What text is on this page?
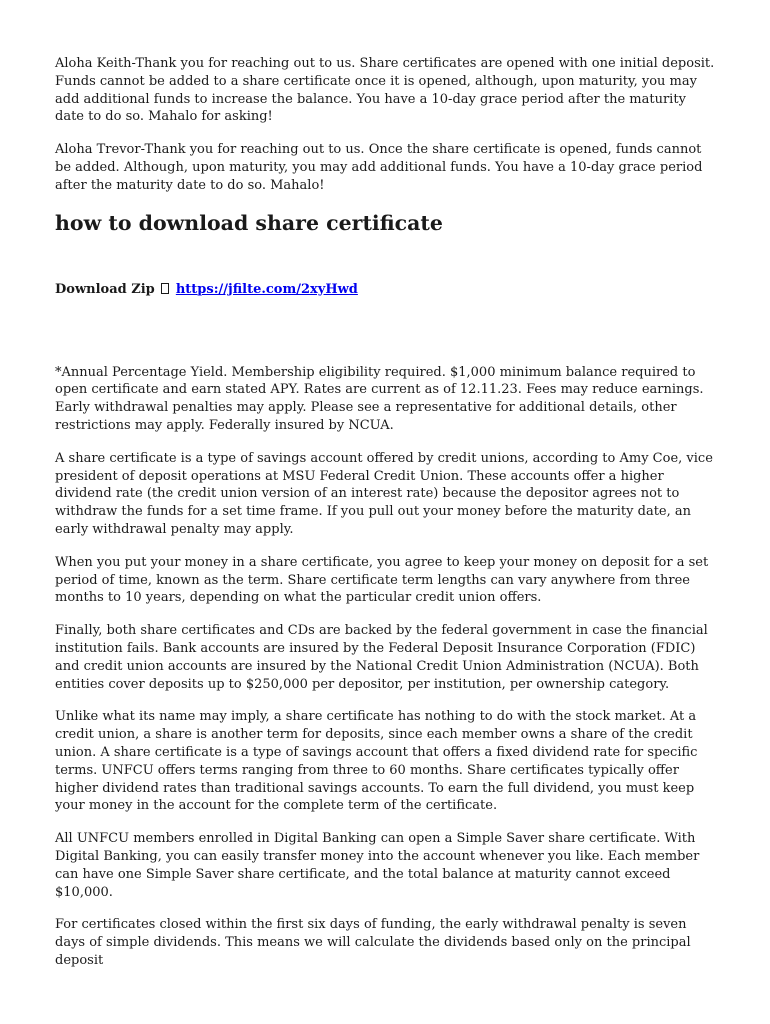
Aloha Keith-Thank you for reaching out to us. Share certificates are opened with one initial deposit. Funds cannot be added to a share certificate once it is opened, although, upon maturity, you may add additional funds to increase the balance. You have a 10-day grace period after the maturity date to do so. Mahalo for asking!

Aloha Trevor-Thank you for reaching out to us. Once the share certificate is opened, funds cannot be added. Although, upon maturity, you may add additional funds. You have a 10-day grace period after the maturity date to do so. Mahalo!

how to download share certificate
Download Zip https://jfilte.com/2xyHwd

*Annual Percentage Yield. Membership eligibility required. $1,000 minimum balance required to open certificate and earn stated APY. Rates are current as of 12.11.23. Fees may reduce earnings. Early withdrawal penalties may apply. Please see a representative for additional details, other restrictions may apply. Federally insured by NCUA.

A share certificate is a type of savings account offered by credit unions, according to Amy Coe, vice president of deposit operations at MSU Federal Credit Union. These accounts offer a higher dividend rate (the credit union version of an interest rate) because the depositor agrees not to withdraw the funds for a set time frame. If you pull out your money before the maturity date, an early withdrawal penalty may apply.

When you put your money in a share certificate, you agree to keep your money on deposit for a set period of time, known as the term. Share certificate term lengths can vary anywhere from three months to 10 years, depending on what the particular credit union offers.

Finally, both share certificates and CDs are backed by the federal government in case the financial institution fails. Bank accounts are insured by the Federal Deposit Insurance Corporation (FDIC) and credit union accounts are insured by the National Credit Union Administration (NCUA). Both entities cover deposits up to $250,000 per depositor, per institution, per ownership category.

Unlike what its name may imply, a share certificate has nothing to do with the stock market. At a credit union, a share is another term for deposits, since each member owns a share of the credit union. A share certificate is a type of savings account that offers a fixed dividend rate for specific terms. UNFCU offers terms ranging from three to 60 months. Share certificates typically offer higher dividend rates than traditional savings accounts. To earn the full dividend, you must keep your money in the account for the complete term of the certificate.

All UNFCU members enrolled in Digital Banking can open a Simple Saver share certificate. With Digital Banking, you can easily transfer money into the account whenever you like. Each member can have one Simple Saver share certificate, and the total balance at maturity cannot exceed $10,000.

For certificates closed within the first six days of funding, the early withdrawal penalty is seven days of simple dividends. This means we will calculate the dividends based only on the principal deposit
